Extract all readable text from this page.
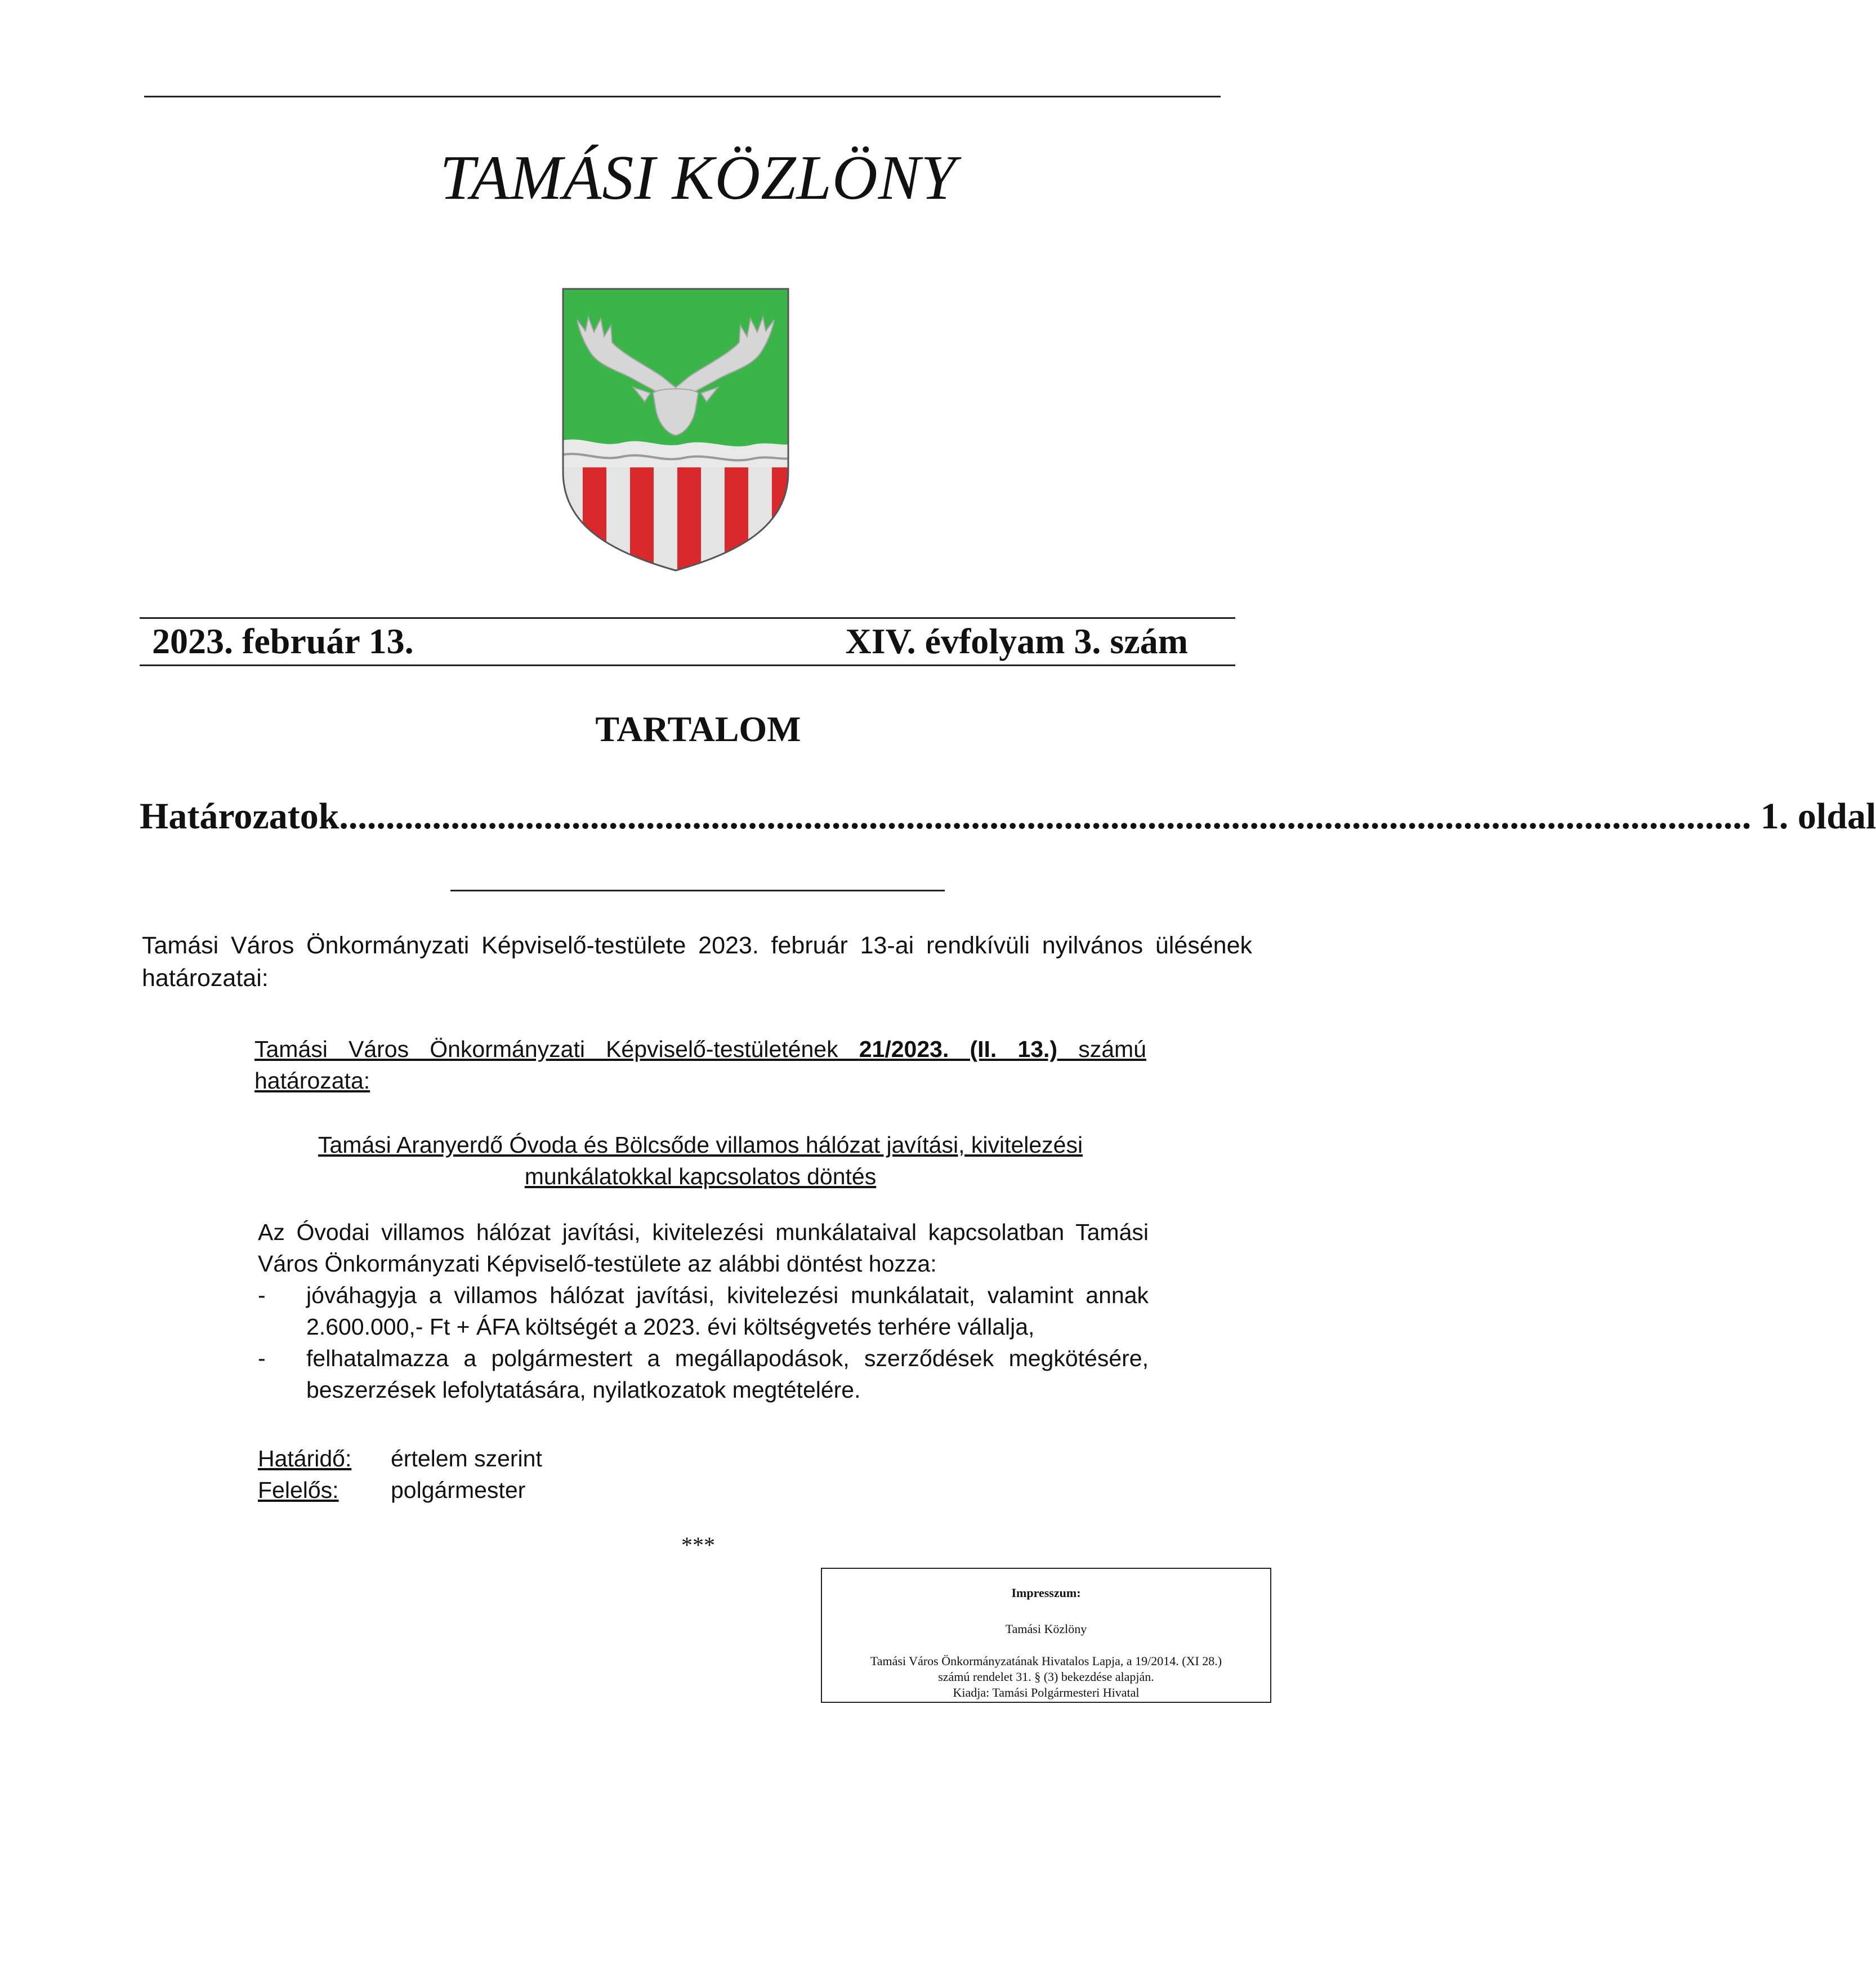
TAMÁSI KÖZLÖNY
2023. február 13.	XIV. évfolyam 3. szám
TARTALOM
Határozatok ........................................................................................................................................................ 1. oldal
Tamási Város Önkormányzati Képviselő-testülete 2023. február 13-ai rendkívüli nyilvános ülésének határozatai:
Tamási Város Önkormányzati Képviselő-testületének 21/2023. (II. 13.) számú határozata:
Tamási Aranyerdő Óvoda és Bölcsőde villamos hálózat javítási, kivitelezési
munkálatokkal kapcsolatos döntés
Az Óvodai villamos hálózat javítási, kivitelezési munkálataival kapcsolatban Tamási Város Önkormányzati Képviselő-testülete az alábbi döntést hozza:
- jóváhagyja a villamos hálózat javítási, kivitelezési munkálatait, valamint annak 2.600.000,- Ft + ÁFA költségét a 2023. évi költségvetés terhére vállalja,
- felhatalmazza a polgármestert a megállapodások, szerződések megkötésére, beszerzések lefolytatására, nyilatkozatok megtételére.
Határidő: értelem szerint
Felelős: polgármester
***
Impresszum:
Tamási Közlöny
Tamási Város Önkormányzatának Hivatalos Lapja, a 19/2014. (XI 28.) számú rendelet 31. § (3) bekezdése alapján.
Kiadja: Tamási Polgármesteri Hivatal
